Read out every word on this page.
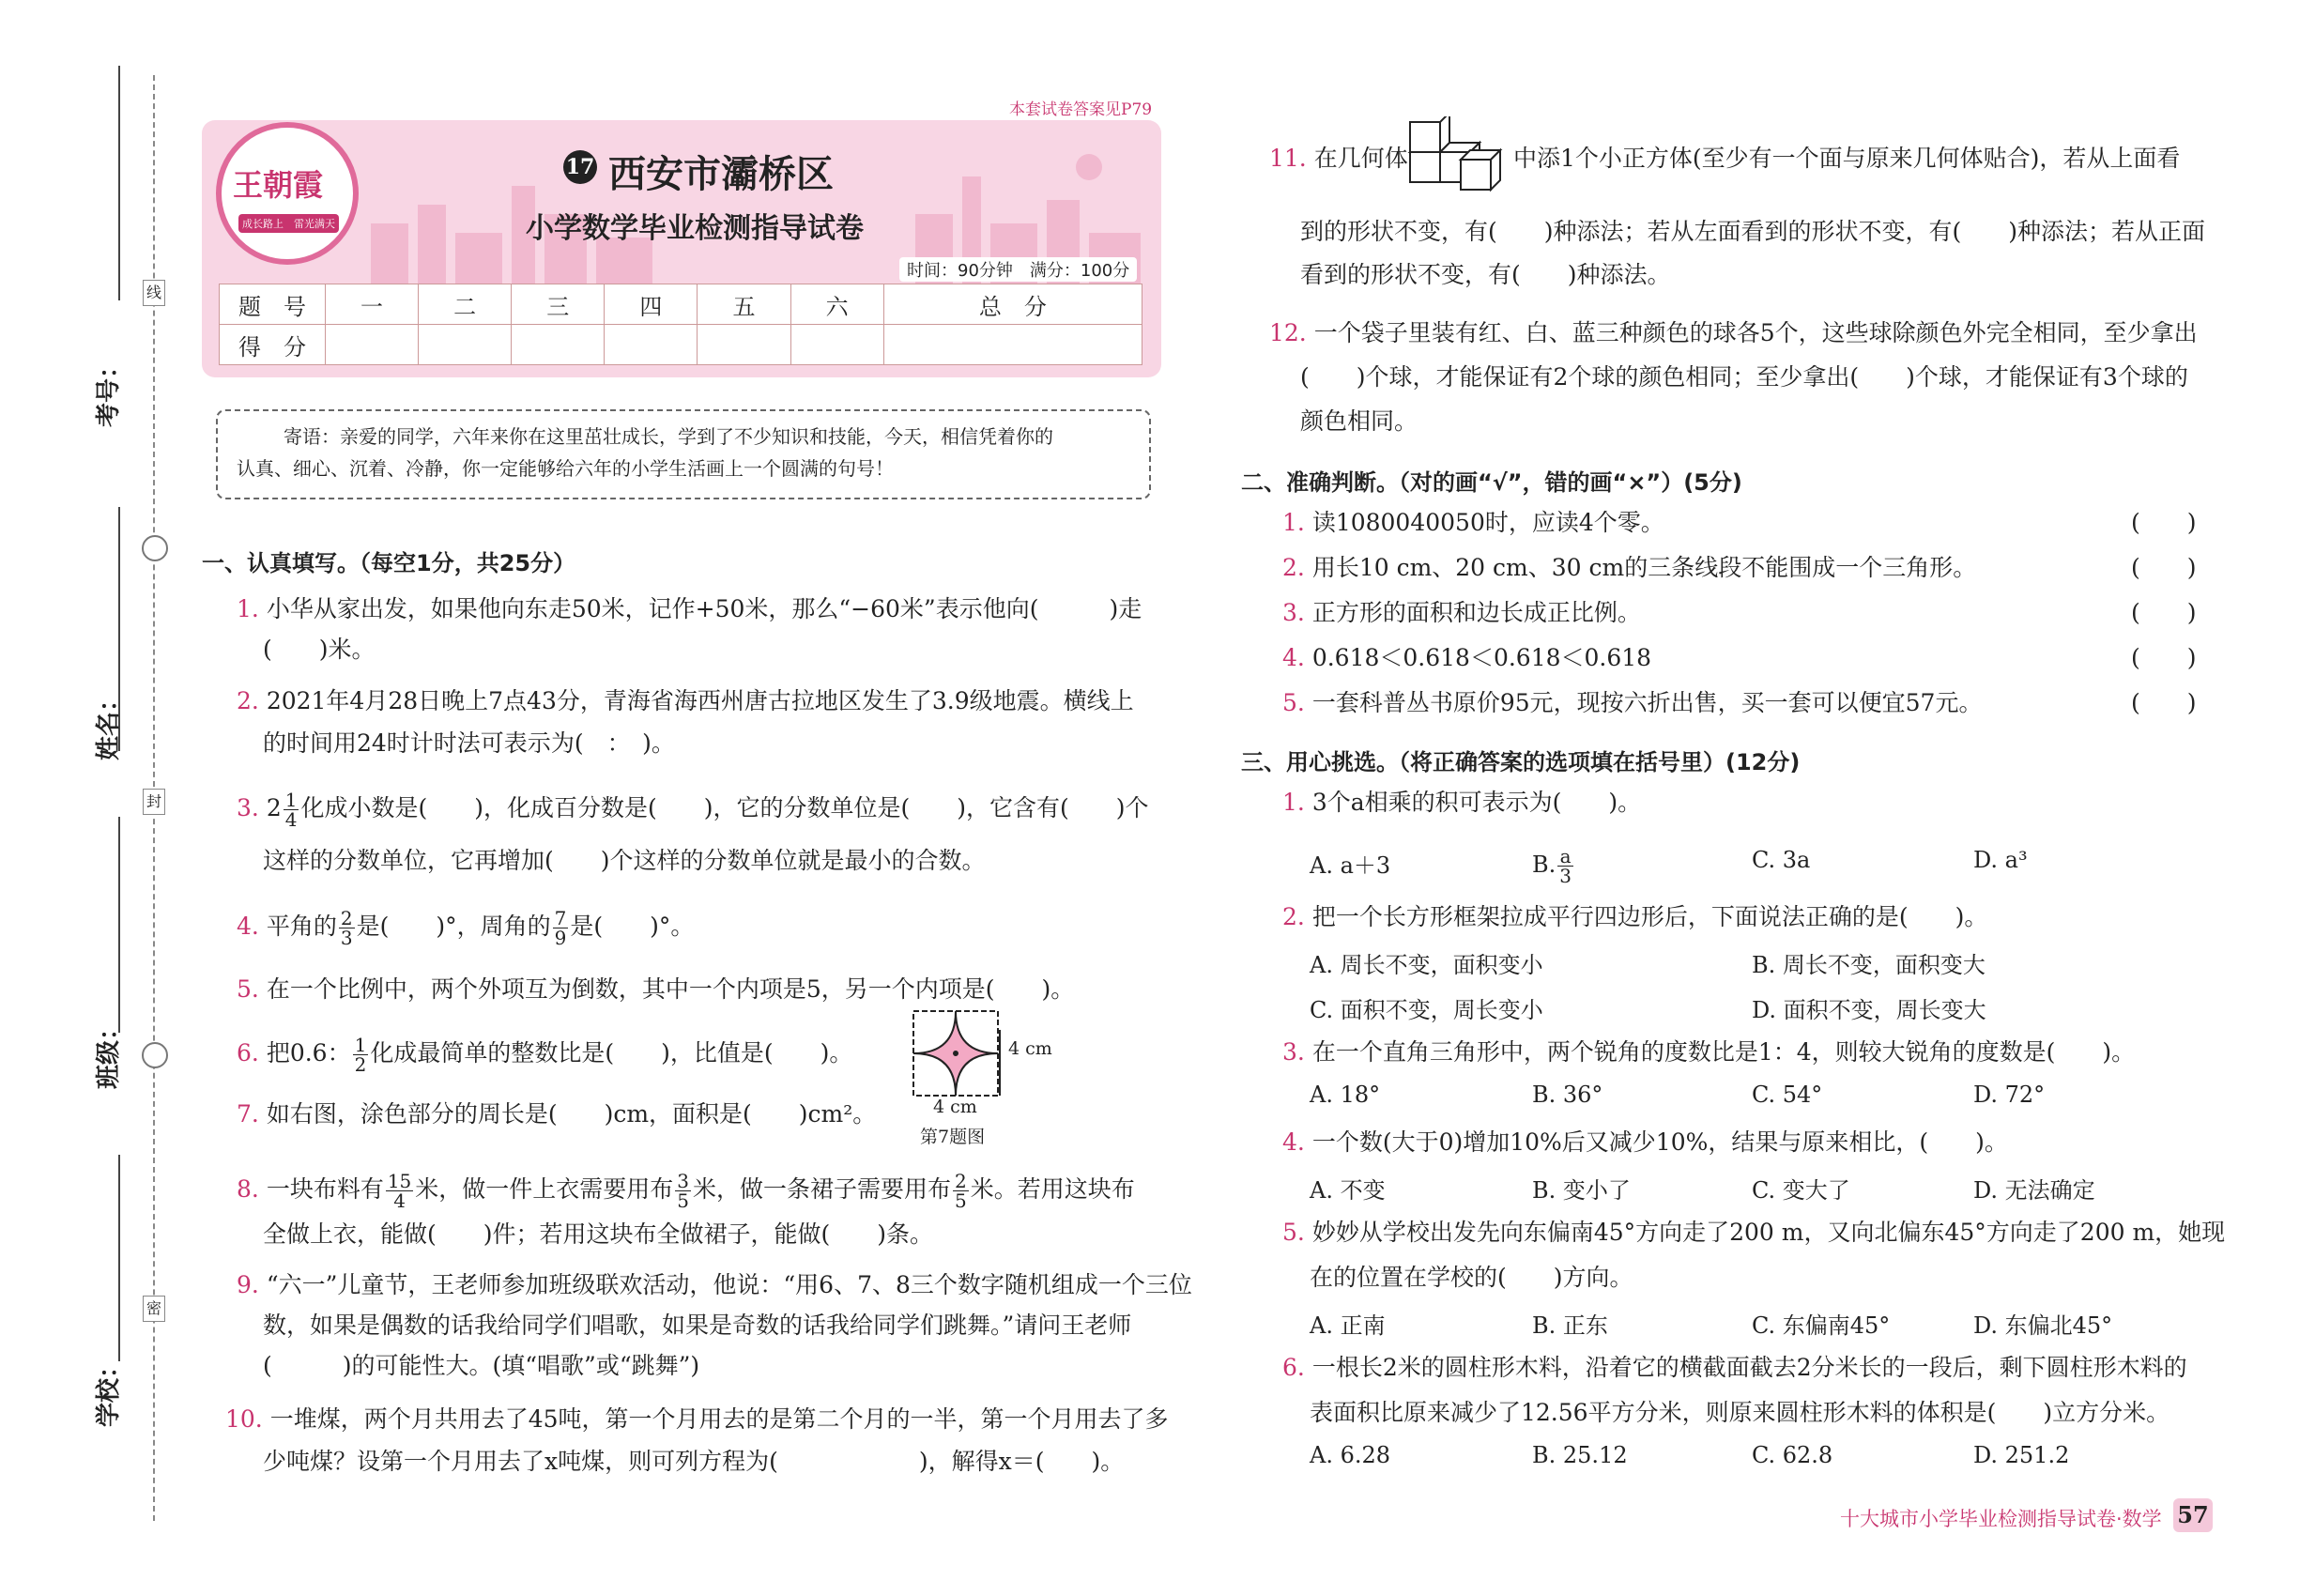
考号：
姓名：
班级：
学校：
线
封
密
本套试卷答案见P79
王朝霞
成长路上　雷光满天
17 西安市灞桥区
小学数学毕业检测指导试卷
时间：90分钟　满分：100分
题　号	一	二	三	四	五	六	总　分
得　分							
寄语：亲爱的同学，六年来你在这里茁壮成长，学到了不少知识和技能，今天，相信凭着你的
认真、细心、沉着、冷静，你一定能够给六年的小学生活画上一个圆满的句号！
一、认真填写。（每空1分，共25分）
1. 小华从家出发，如果他向东走50米，记作+50米，那么“−60米”表示他向(　　　)走
(　　)米。
2. 2021年4月28日晚上7点43分，青海省海西州唐古拉地区发生了3.9级地震。横线上
的时间用24时计时法可表示为(　：　)。
3. $2 \frac{1}{4}$ 化成小数是(　　)，化成百分数是(　　)，它的分数单位是(　　)，它含有(　　)个
这样的分数单位，它再增加(　　)个这样的分数单位就是最小的合数。
4. 平角的 $\frac{2}{3}$ 是(　　)°，周角的 $\frac{7}{9}$ 是(　　)°。
5. 在一个比例中，两个外项互为倒数，其中一个内项是5，另一个内项是(　　)。
6. 把0.6： $\frac{1}{2}$ 化成最简单的整数比是(　　)，比值是(　　)。	4 cm
4 cm
第7题图
7. 如右图，涂色部分的周长是(　　)cm，面积是(　　)cm²。
8. 一块布料有 $\frac{15}{4}$ 米，做一件上衣需要用布 $\frac{3}{5}$ 米，做一条裙子需要用布 $\frac{2}{5}$ 米。若用这块布
全做上衣，能做(　　)件；若用这块布全做裙子，能做(　　)条。
9. “六一”儿童节，王老师参加班级联欢活动，他说：“用6、7、8三个数字随机组成一个三位
数，如果是偶数的话我给同学们唱歌，如果是奇数的话我给同学们跳舞。”请问王老师
(　　　)的可能性大。(填“唱歌”或“跳舞”)
10. 一堆煤，两个月共用去了45吨，第一个月用去的是第二个月的一半，第一个月用去了多
少吨煤？设第一个月用去了x吨煤，则可列方程为(　　　　　　)，解得x＝(　　)。
11. 在几何体	中添1个小正方体(至少有一个面与原来几何体贴合)，若从上面看
到的形状不变，有(　　)种添法；若从左面看到的形状不变，有(　　)种添法；若从正面
看到的形状不变，有(　　)种添法。
12. 一个袋子里装有红、白、蓝三种颜色的球各5个，这些球除颜色外完全相同，至少拿出
(　　)个球，才能保证有2个球的颜色相同；至少拿出(　　)个球，才能保证有3个球的
颜色相同。
二、准确判断。（对的画“√”，错的画“×”）(5分)
1. 读1080040050时，应读4个零。	(　　)
2. 用长10 cm、20 cm、30 cm的三条线段不能围成一个三角形。	(　　)
3. 正方形的面积和边长成正比例。	(　　)
4. 0.618＜0.618＜0.618＜0.618	(　　)
5. 一套科普丛书原价95元，现按六折出售，买一套可以便宜57元。	(　　)
三、用心挑选。（将正确答案的选项填在括号里）(12分)
1. 3个a相乘的积可表示为(　　)。
A. a＋3	B. $\frac{a}{3}$	C. 3a	D. a³
2. 把一个长方形框架拉成平行四边形后，下面说法正确的是(　　)。
A. 周长不变，面积变小	B. 周长不变，面积变大
C. 面积不变，周长变小	D. 面积不变，周长变大
3. 在一个直角三角形中，两个锐角的度数比是1：4，则较大锐角的度数是(　　)。
A. 18°	B. 36°	C. 54°	D. 72°
4. 一个数(大于0)增加10%后又减少10%，结果与原来相比，(　　)。
A. 不变	B. 变小了	C. 变大了	D. 无法确定
5. 妙妙从学校出发先向东偏南45°方向走了200 m，又向北偏东45°方向走了200 m，她现
在的位置在学校的(　　)方向。
A. 正南	B. 正东	C. 东偏南45°	D. 东偏北45°
6. 一根长2米的圆柱形木料，沿着它的横截面截去2分米长的一段后，剩下圆柱形木料的
表面积比原来减少了12.56平方分米，则原来圆柱形木料的体积是(　　)立方分米。
A. 6.28	B. 25.12	C. 62.8	D. 251.2
十大城市小学毕业检测指导试卷·数学 57
